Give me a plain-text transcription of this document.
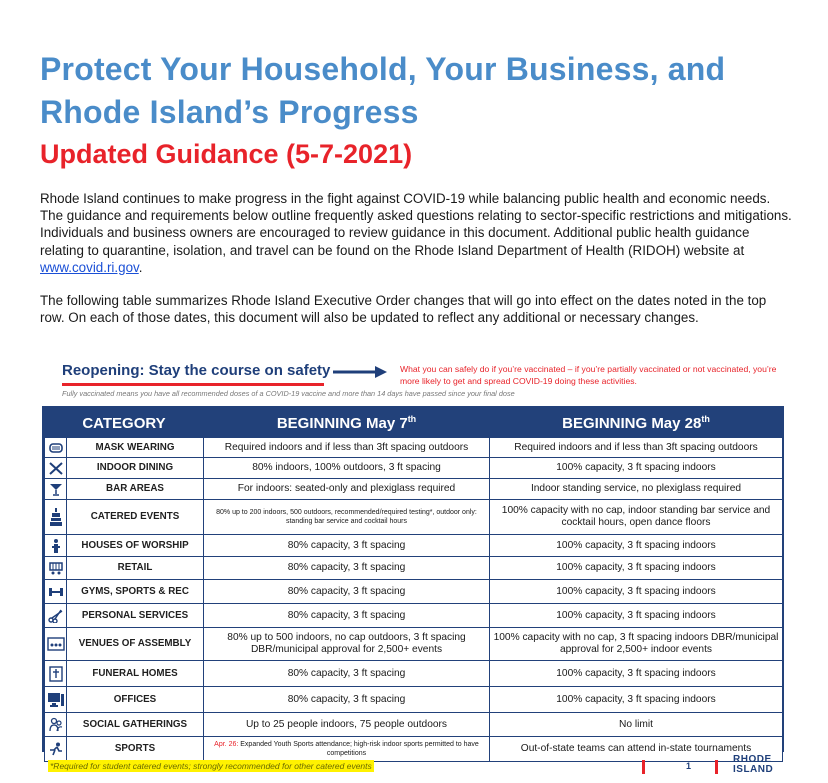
Protect Your Household, Your Business, and Rhode Island’s Progress
Updated Guidance (5-7-2021)
Rhode Island continues to make progress in the fight against COVID-19 while balancing public health and economic needs. The guidance and requirements below outline frequently asked questions relating to sector-specific restrictions and mitigations. Individuals and business owners are encouraged to review guidance in this document. Additional public health guidance relating to quarantine, isolation, and travel can be found on the Rhode Island Department of Health (RIDOH) website at www.covid.ri.gov.
The following table summarizes Rhode Island Executive Order changes that will go into effect on the dates noted in the top row. On each of those dates, this document will also be updated to reflect any additional or necessary changes.
Reopening: Stay the course on safety	What you can safely do if you’re vaccinated – if you’re partially vaccinated or not vaccinated, you’re more likely to get and spread COVID-19 doing these activities.
Fully vaccinated means you have all recommended doses of a COVID-19 vaccine and more than 14 days have passed since your final dose
CATEGORY		BEGINNING May 7th	BEGINNING May 28th

	MASK WEARING	Required indoors and if less than 3ft spacing outdoors	Required indoors and if less than 3ft spacing outdoors

	INDOOR DINING	80% indoors, 100% outdoors, 3 ft spacing	100% capacity, 3 ft spacing indoors

	BAR AREAS	For indoors: seated-only and plexiglass required	Indoor standing service, no plexiglass required

	CATERED EVENTS	80% up to 200 indoors, 500 outdoors, recommended/required testing*, outdoor only: standing bar service and cocktail hours	100% capacity with no cap, indoor standing bar service and cocktail hours, open dance floors

	HOUSES OF WORSHIP	80% capacity, 3 ft spacing	100% capacity, 3 ft spacing indoors

	RETAIL	80% capacity, 3 ft spacing	100% capacity, 3 ft spacing indoors

	GYMS, SPORTS & REC	80% capacity, 3 ft spacing	100% capacity, 3 ft spacing indoors

	PERSONAL SERVICES	80% capacity, 3 ft spacing	100% capacity, 3 ft spacing indoors

	VENUES OF ASSEMBLY	80% up to 500 indoors, no cap outdoors, 3 ft spacing DBR/municipal approval for 2,500+ events	100% capacity with no cap, 3 ft spacing indoors DBR/municipal approval for 2,500+ indoor events

	FUNERAL HOMES	80% capacity, 3 ft spacing	100% capacity, 3 ft spacing indoors

	OFFICES	80% capacity, 3 ft spacing	100% capacity, 3 ft spacing indoors

	SOCIAL GATHERINGS	Up to 25 people indoors, 75 people outdoors	No limit

	SPORTS	Apr. 26: Expanded Youth Sports attendance; high-risk indoor sports permitted to have competitions	Out-of-state teams can attend in-state tournaments
*Required for student catered events; strongly recommended for other catered events	1
RHODE
ISLAND
